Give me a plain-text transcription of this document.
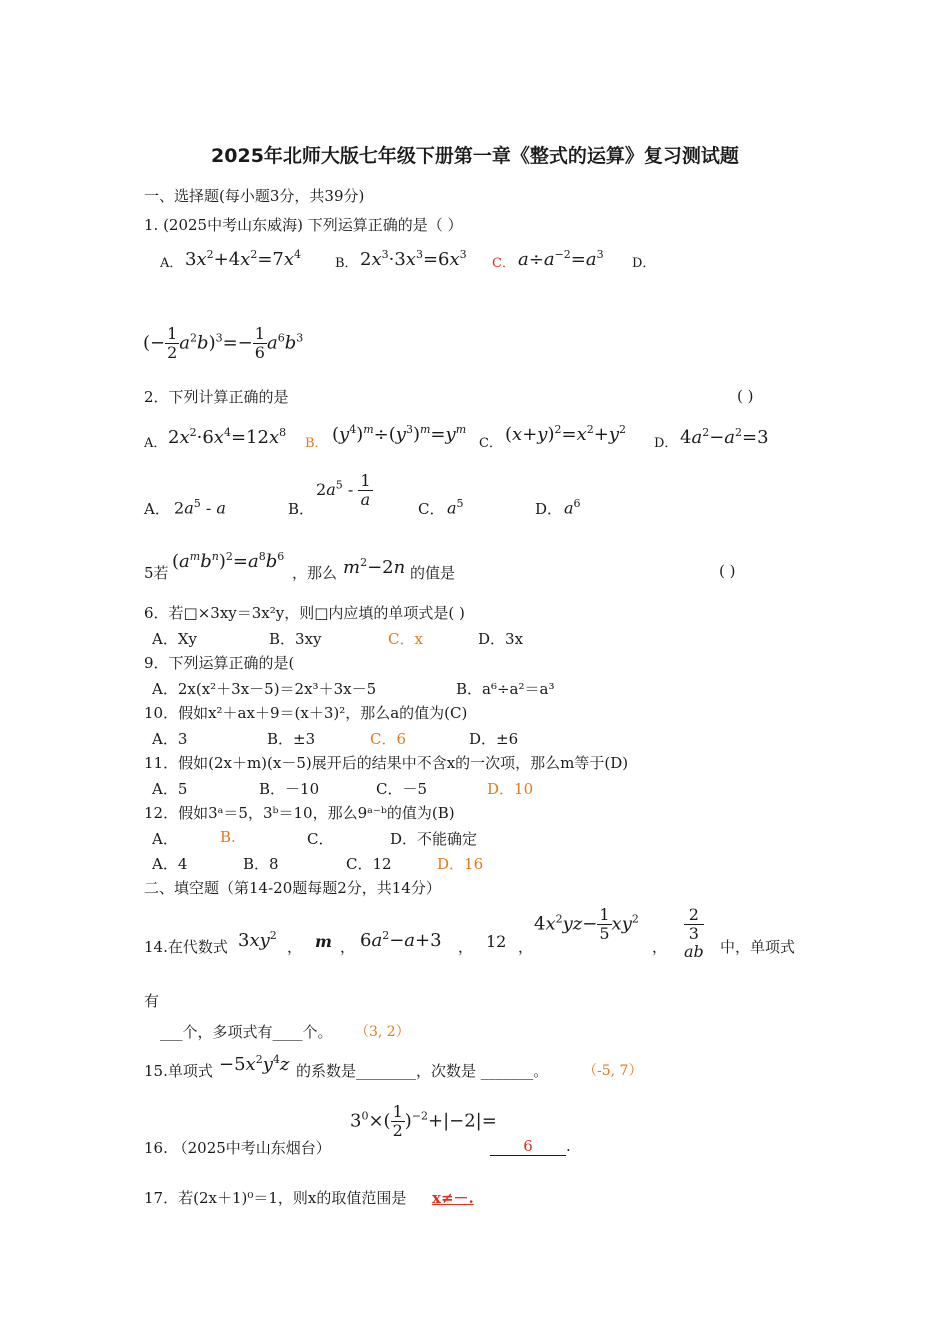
2025年北师大版七年级下册第一章《整式的运算》复习测试题
一、选择题(每小题3分，共39分)
1. (2025中考山东威海) 下列运算正确的是（ ）
A． $3x^2+4x^2=7x^4$
B． $2x^3\cdot 3x^3=6x^3$
C． $a\div a^{-2}=a^3$
D．
(− $\frac{1}{2} a^2b)^3=- \frac{1}{6} a^6b^3$
2．下列计算正确的是	( )
A． $2x^2\cdot 6x^4=12x^8$
B． $(y^4)^m\div(y^3)^m=y^m$
C． $(x+y)^2=x^2+y^2$
D． $4a^2-a^2=3$
A． $2a^5$ - a	B．
$2a^5 - \frac{1}{a}$	C． $a^5$	D． $a^6$
5若
$(a^mb^n)^2=a^8b^6$
，那么 $m^2-2n$ 的值是	( )
6．若□×3xy＝3x²y，则□内应填的单项式是( )
A．Xy	B．3xy	C．x	D．3x
9．下列运算正确的是(
A．2x(x²＋3x－5)＝2x³＋3x－5	B．a⁶÷a²＝a³
10．假如x²＋ax＋9＝(x＋3)²，那么a的值为(C)
A．3	B．±3	C．6	D．±6
11．假如(2x＋m)(x－5)展开后的结果中不含x的一次项，那么m等于(D)
A．5	B．－10	C．－5	D．10
12．假如3ᵃ＝5，3ᵇ＝10，那么9ᵃ⁻ᵇ的值为(B)
A．	B.	C．	D．不能确定
A．4	B．8	C．12	D．16
二、填空题（第14-20题每题2分，共14分）
14.在代数式 $3xy^2$
， m ， $6a^2-a+3$ ， 12 ，
$4x^2yz- \frac{1}{5} xy^2$
， 2
3
ab 中，单项式
有
___个，多项式有____个。 （3, 2）
15.单项式 $-5x^2y^4z$ 的系数是________，次数是 _______。 （-5, 7）
$3^0\times( \frac{1}{2} )^{-2}+|-2|=$
16. （2025中考山东烟台）	6 .
17．若(2x＋1)⁰＝1，则x的取值范围是 x≠－.
